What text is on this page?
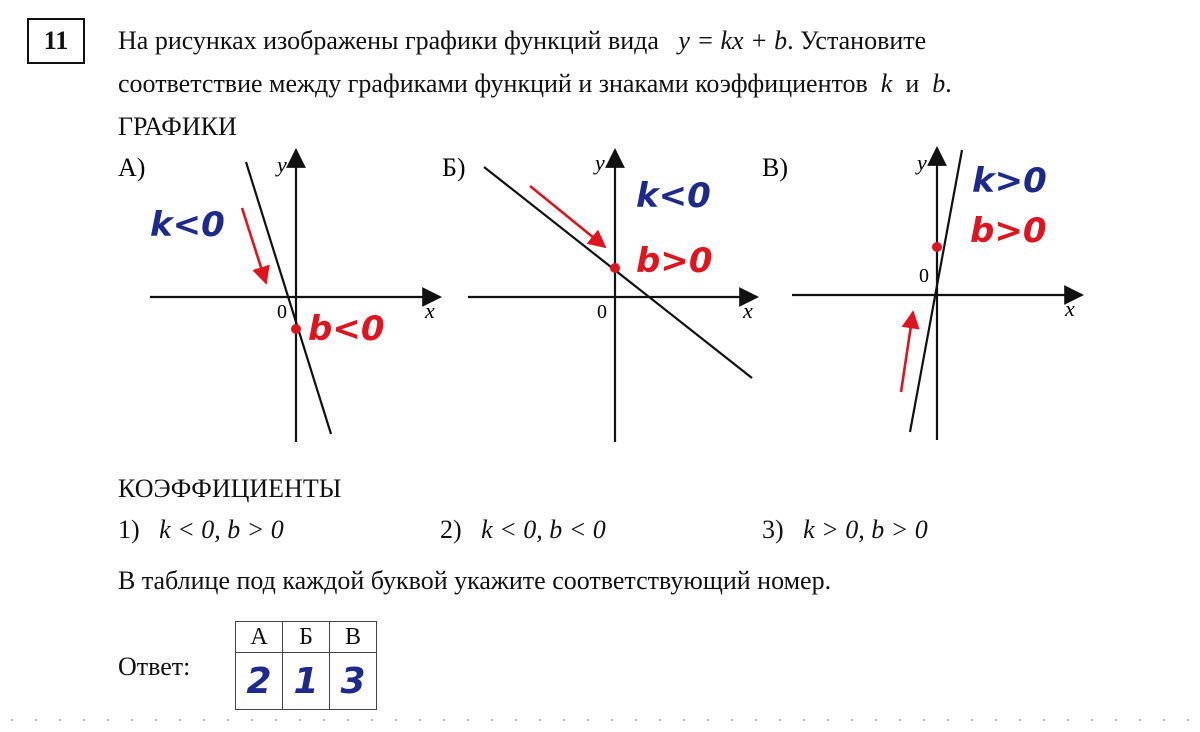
11	На рисунках изображены графики функций вида y = kx + b. Установите
соответствие между графиками функций и знаками коэффициентов k и b.
ГРАФИКИ
А)
x
y
0
k<0
b<0
Б)
x
y
0
k<0
b>0
В)
x
y
0
k>0
b>0
КОЭФФИЦИЕНТЫ
1) k < 0, b > 0	2) k < 0, b < 0	3) k > 0, b > 0
В таблице под каждой буквой укажите соответствующий номер.
Ответ:
А	Б	В
2	1	3
